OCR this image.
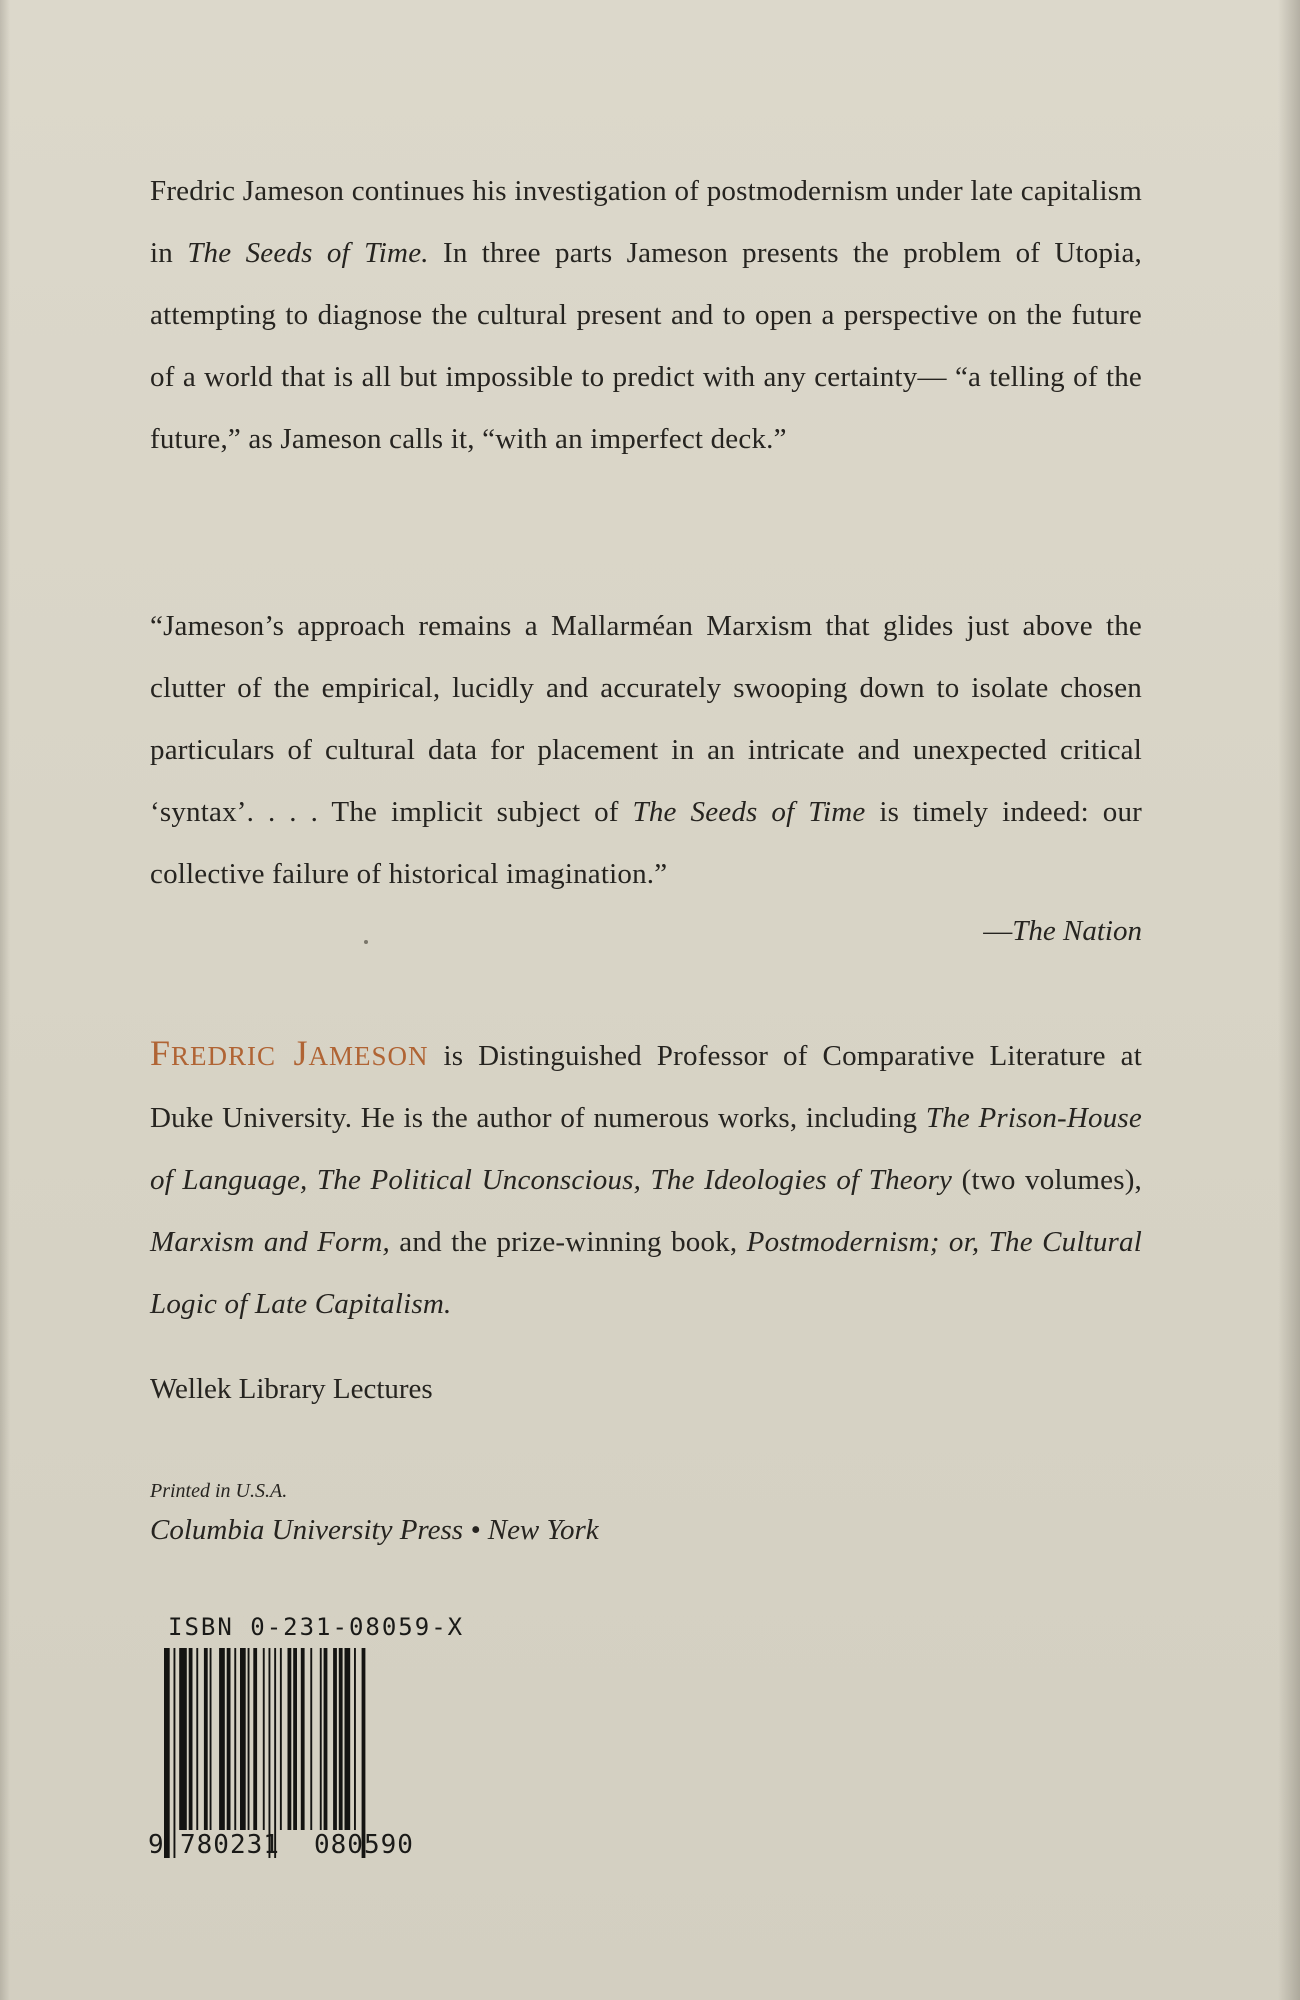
Fredric Jameson continues his investigation of postmodernism under late capitalism in The Seeds of Time. In three parts Jameson presents the problem of Utopia, attempting to diagnose the cultural present and to open a perspective on the future of a world that is all but impossible to predict with any certainty— “a telling of the future,” as Jameson calls it, “with an imperfect deck.”

“Jameson’s approach remains a Mallarméan Marxism that glides just above the clutter of the empirical, lucidly and accurately swooping down to isolate chosen particulars of cultural data for placement in an intricate and unexpected critical ‘syntax’. . . . The implicit subject of The Seeds of Time is timely indeed: our collective failure of historical imagination.”

—The Nation

FREDRIC JAMESON is Distinguished Professor of Comparative Literature at Duke University. He is the author of numerous works, including The Prison-House of Language, The Political Unconscious, The Ideologies of Theory (two volumes), Marxism and Form, and the prize-winning book, Postmodernism; or, The Cultural Logic of Late Capitalism.

Wellek Library Lectures
Printed in U.S.A.
Columbia University Press • New York
ISBN 0-231-08059-X
9 780231 080590
